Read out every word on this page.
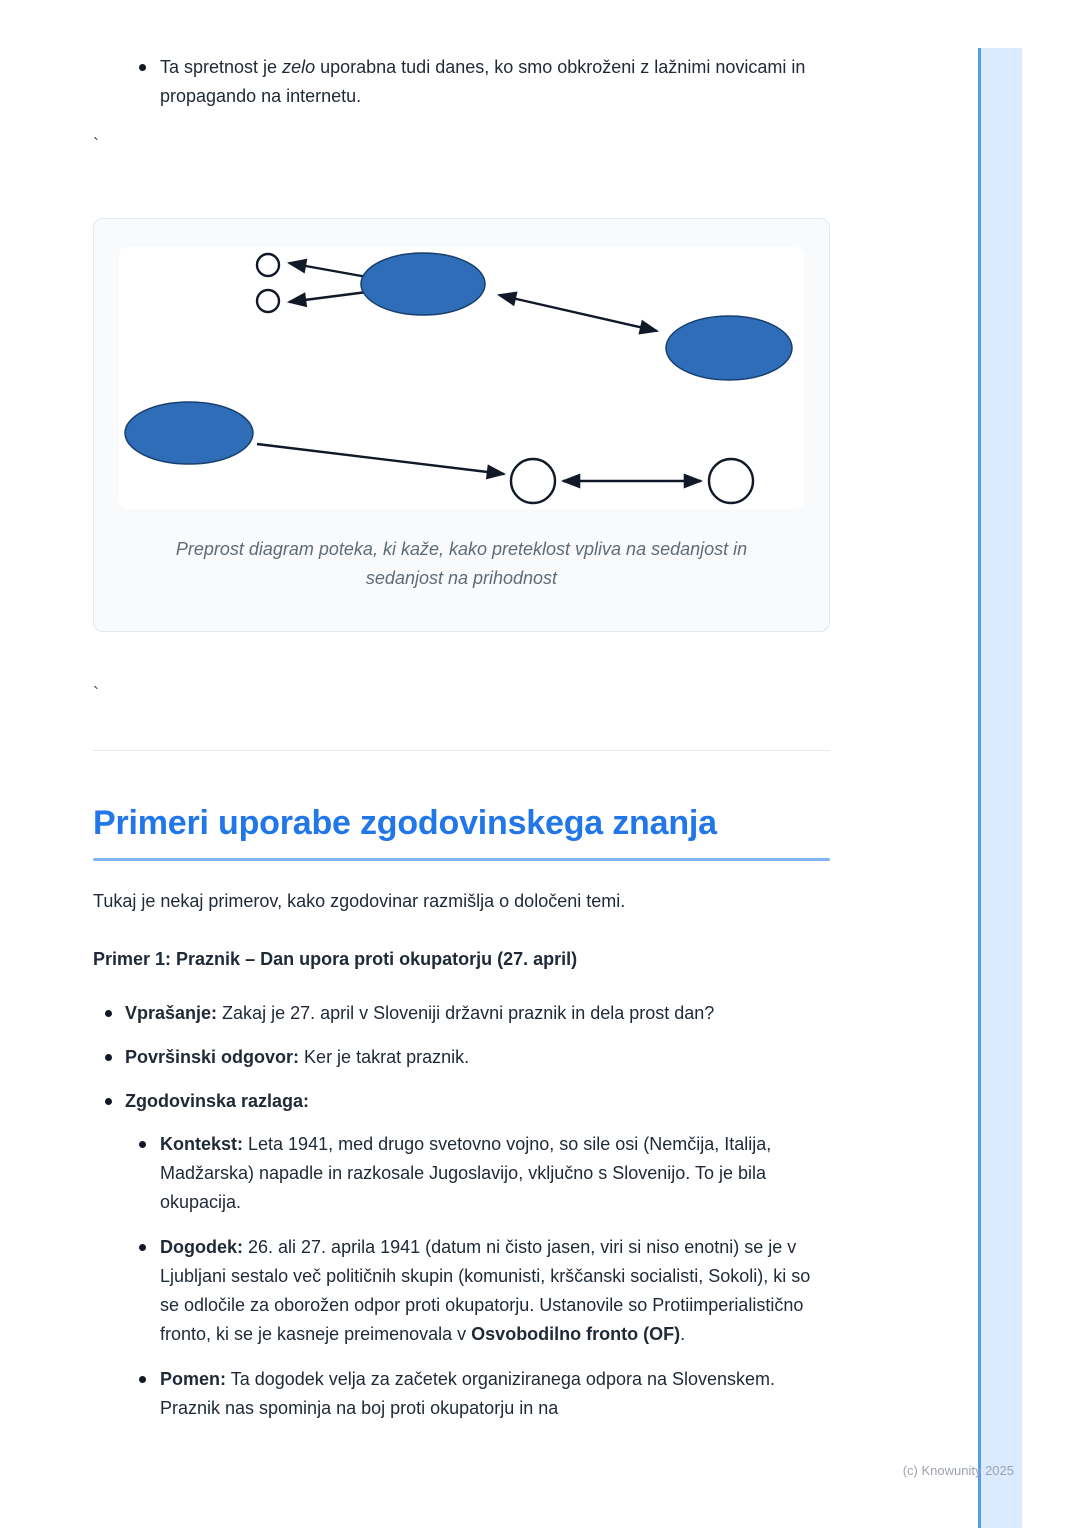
(c) Knowunity 2025
Ta spretnost je zelo uporabna tudi danes, ko smo obkroženi z lažnimi novicami in propagando na internetu.
`
Preprost diagram poteka, ki kaže, kako preteklost vpliva na sedanjost in
sedanjost na prihodnost
`
Primeri uporabe zgodovinskega znanja

Tukaj je nekaj primerov, kako zgodovinar razmišlja o določeni temi.

Primer 1: Praznik – Dan upora proti okupatorju (27. april)
Vprašanje: Zakaj je 27. april v Sloveniji državni praznik in dela prost dan?
Površinski odgovor: Ker je takrat praznik.
Zgodovinska razlaga:
Kontekst: Leta 1941, med drugo svetovno vojno, so sile osi (Nemčija, Italija, Madžarska) napadle in razkosale Jugoslavijo, vključno s Slovenijo. To je bila okupacija.
Dogodek: 26. ali 27. aprila 1941 (datum ni čisto jasen, viri si niso enotni) se je v Ljubljani sestalo več političnih skupin (komunisti, krščanski socialisti, Sokoli), ki so se odločile za oborožen odpor proti okupatorju. Ustanovile so Protiimperialistično fronto, ki se je kasneje preimenovala v Osvobodilno fronto (OF).
Pomen: Ta dogodek velja za začetek organiziranega odpora na Slovenskem. Praznik nas spominja na boj proti okupatorju in na
